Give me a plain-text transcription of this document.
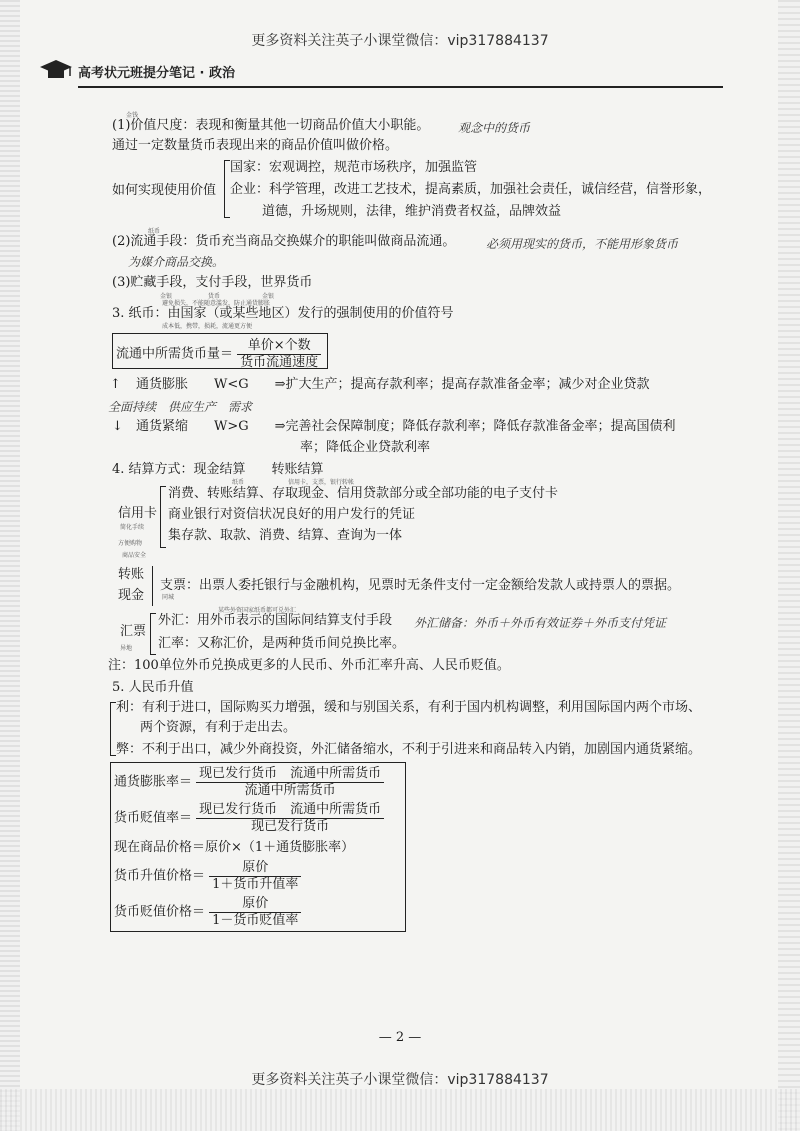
更多资料关注英子小课堂微信：vip317884137
高考状元班提分笔记 · 政治
金钱
(1)价值尺度：表现和衡量其他一切商品价值大小职能。 观念中的货币
通过一定数量货币表现出来的商品价值叫做价格。
如何实现使用价值
国家：宏观调控，规范市场秩序，加强监管
企业：科学管理，改进工艺技术，提高素质，加强社会责任，诚信经营，信誉形象，
道德，升场规则，法律，维护消费者权益，品牌效益
纸币
(2)流通手段：货币充当商品交换媒介的职能叫做商品流通。	必须用现实的货币，不能用形象货币
为媒介商品交换。
(3)贮藏手段，支付手段，世界货币
金银	货币	金银
避免损失，不能随意滥发，防止通货膨胀
3. 纸币：由国家（或某些地区）发行的强制使用的价值符号
成本低，携带，损耗，流通更方便
流通中所需货币量＝ $\frac{\text{单价×个数}}{\text{货币流通速度}}$
↑ 通货膨胀　　W<G　　⇒扩大生产；提高存款利率；提高存款准备金率；减少对企业贷款
全面持续　供应生产　需求
↓ 通货紧缩　　W>G　　⇒完善社会保障制度；降低存款利率；降低存款准备金率；提高国债利
率；降低企业贷款利率
4. 结算方式：现金结算　　转账结算
纸币	信用卡，支票，银行转帐
信用卡
简化手续
方便购物
商品安全
消费、转账结算、存取现金、信用贷款部分或全部功能的电子支付卡
商业银行对资信状况良好的用户发行的凭证
集存款、取款、消费、结算、查询为一体
转账
现金
支票：出票人委托银行与金融机构，见票时无条件支付一定金额给发款人或持票人的票据。
同城
某些外资国家纸币都可兑外汇
汇 票
异地
外汇：用外币表示的国际间结算支付手段 外汇储备：外币＋外币有效证券＋外币支付凭证
汇率：又称汇价，是两种货币间兑换比率。
注：100单位外币兑换成更多的人民币、外币汇率升高、人民币贬值。
5. 人民币升值
利：有利于进口，国际购买力增强，缓和与别国关系，有利于国内机构调整，利用国际国内两个市场、
两个资源，有利于走出去。
弊：不利于出口，减少外商投资，外汇储备缩水，不利于引进来和商品转入内销，加剧国内通货紧缩。
通货膨胀率＝ $\frac{\text{现已发行货币　流通中所需货币}}{\text{流通中所需货币}}$
货币贬值率＝ $\frac{\text{现已发行货币　流通中所需货币}}{\text{现已发行货币}}$
现在商品价格＝原价×（1＋通货膨胀率）
货币升值价格＝ $\frac{\text{原价}}{\text{1＋货币升值率}}$
货币贬值价格＝ $\frac{\text{原价}}{\text{1－货币贬值率}}$
— 2 —
更多资料关注英子小课堂微信：vip317884137
